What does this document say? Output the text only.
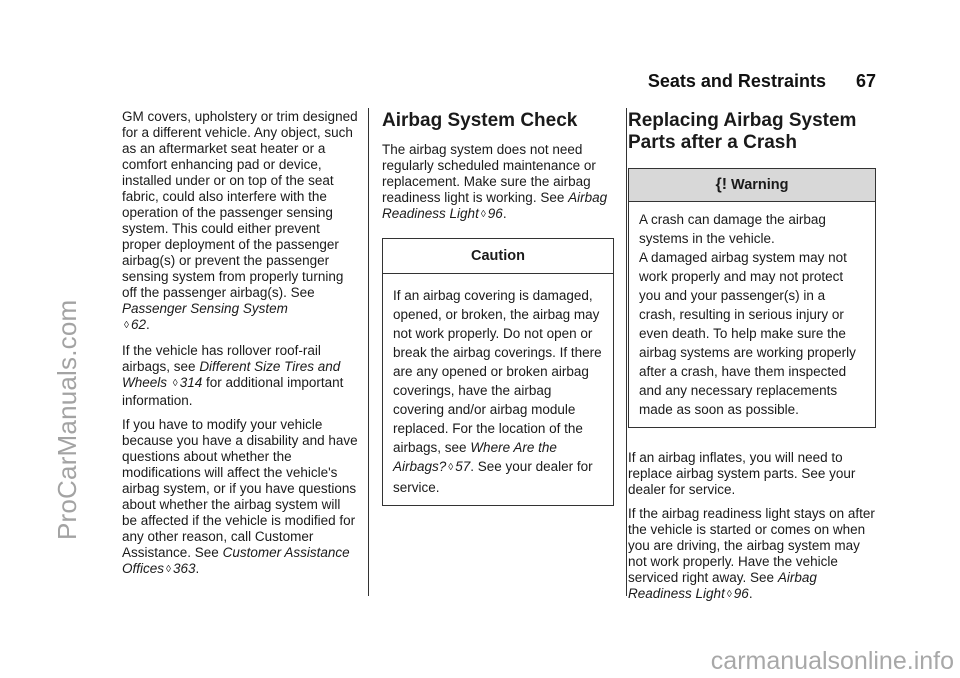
ProCarManuals.com
carmanualsonline.info
Seats and Restraints 67

GM covers, upholstery or trim designed for a different vehicle. Any object, such as an aftermarket seat heater or a comfort enhancing pad or device, installed under or on top of the seat fabric, could also interfere with the operation of the passenger sensing system. This could either prevent proper deployment of the passenger airbag(s) or prevent the passenger sensing system from properly turning off the passenger airbag(s). See Passenger Sensing System
◊ 62.

If the vehicle has rollover roof-rail airbags, see Different Size Tires and Wheels ◊ 314 for additional important information.

If you have to modify your vehicle because you have a disability and have questions about whether the modifications will affect the vehicle's airbag system, or if you have questions about whether the airbag system will be affected if the vehicle is modified for any other reason, call Customer Assistance. See Customer Assistance Offices ◊ 363.

Airbag System Check

The airbag system does not need regularly scheduled maintenance or replacement. Make sure the airbag readiness light is working. See Airbag Readiness Light ◊ 96.

Caution

If an airbag covering is damaged, opened, or broken, the airbag may not work properly. Do not open or break the airbag coverings. If there are any opened or broken airbag coverings, have the airbag covering and/or airbag module replaced. For the location of the airbags, see Where Are the Airbags? ◊ 57. See your dealer for service.

Replacing Airbag System Parts after a Crash
{! Warning

A crash can damage the airbag systems in the vehicle.

A damaged airbag system may not work properly and may not protect you and your passenger(s) in a crash, resulting in serious injury or even death. To help make sure the airbag systems are working properly after a crash, have them inspected and any necessary replacements made as soon as possible.

If an airbag inflates, you will need to replace airbag system parts. See your dealer for service.

If the airbag readiness light stays on after the vehicle is started or comes on when you are driving, the airbag system may not work properly. Have the vehicle serviced right away. See Airbag Readiness Light ◊ 96.
